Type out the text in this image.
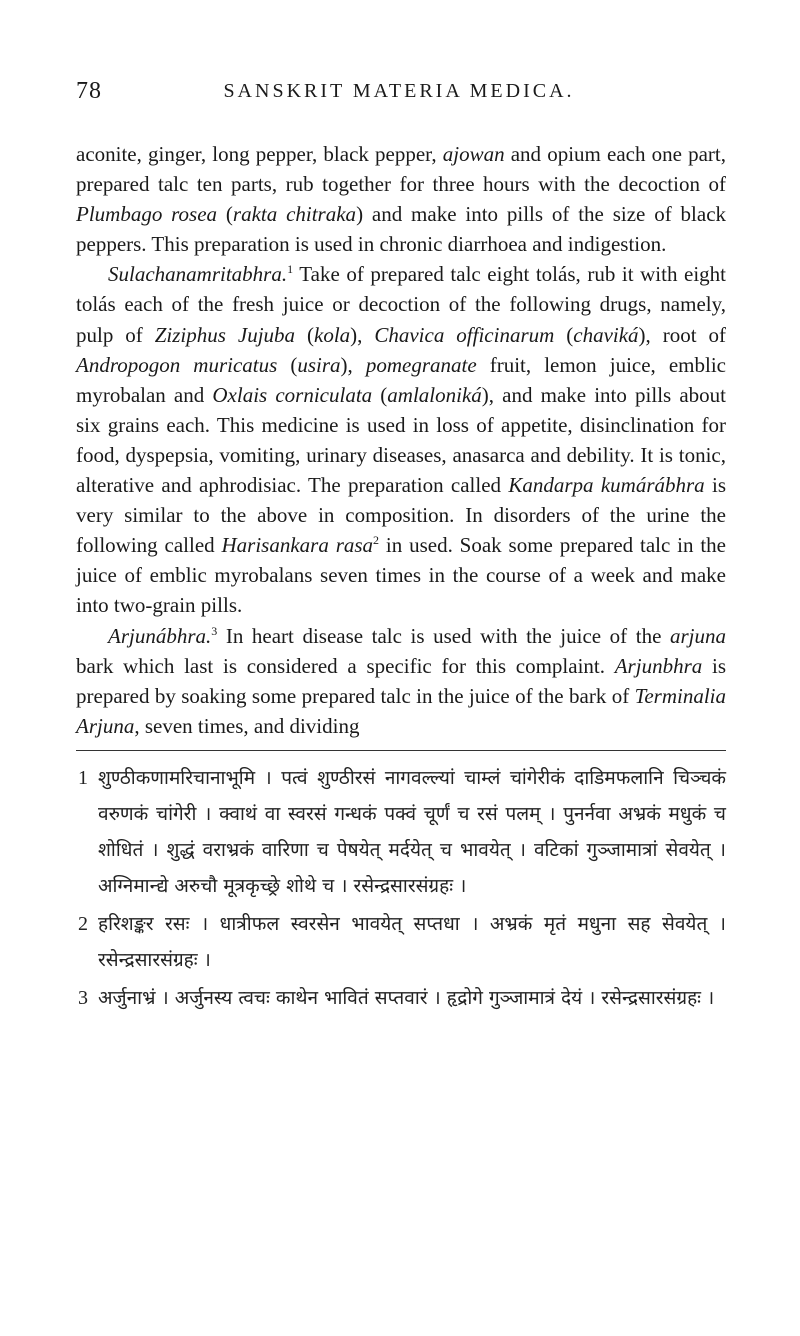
78	SANSKRIT MATERIA MEDICA.

aconite, ginger, long pepper, black pepper, ajowan and opium each one part, prepared talc ten parts, rub together for three hours with the decoction of Plumbago rosea (rakta chitraka) and make into pills of the size of black peppers. This preparation is used in chronic diarrhoea and indigestion.

Sulachanamritabhra.$^1$ Take of prepared talc eight tolás, rub it with eight tolás each of the fresh juice or decoction of the following drugs, namely, pulp of Ziziphus Jujuba (kola), Chavica officinarum (chaviká), root of Andropogon muricatus (usira), pomegranate fruit, lemon juice, emblic myrobalan and Oxlais corniculata (amlaloniká), and make into pills about six grains each. This medicine is used in loss of appetite, disinclination for food, dyspepsia, vomiting, urinary diseases, anasarca and debility. It is tonic, alterative and aphrodisiac. The preparation called Kandarpa kumárábhra is very similar to the above in composition. In disorders of the urine the following called Harisankara rasa$^2$ in used. Soak some prepared talc in the juice of emblic myrobalans seven times in the course of a week and make into two-grain pills.

Arjunábhra.$^3$ In heart disease talc is used with the juice of the arjuna bark which last is considered a specific for this complaint. Arjunbhra is prepared by soaking some prepared talc in the juice of the bark of Terminalia Arjuna, seven times, and dividing

1 शुण्ठीकणामरिचानाभूमि । पत्वं शुण्ठीरसं नागवल्ल्यां चाम्लं चांगेरीकं दाडिमफलानि चिञ्चकं वरुणकं चांगेरी । क्वाथं वा स्वरसं गन्धकं पक्वं चूर्णं च रसं पलम् । पुनर्नवा अभ्रकं मधुकं च शोधितं । शुद्धं वराभ्रकं वारिणा च पेषयेत्‌ मर्दयेत् च भावयेत् । वटिकां गुञ्जामात्रां सेवयेत् । अग्निमान्द्ये अरुचौ मूत्रकृच्छ्रे शोथे च । रसेन्द्रसारसंग्रहः ।

2 हरिशङ्कर रसः । धात्रीफल स्वरसेन भावयेत् सप्तधा । अभ्रकं मृतं मधुना सह सेवयेत् । रसेन्द्रसारसंग्रहः ।

3 अर्जुनाभ्रं । अर्जुनस्य त्वचः काथेन भावितं सप्तवारं । हृद्रोगे गुञ्जामात्रं देयं । रसेन्द्रसारसंग्रहः ।
